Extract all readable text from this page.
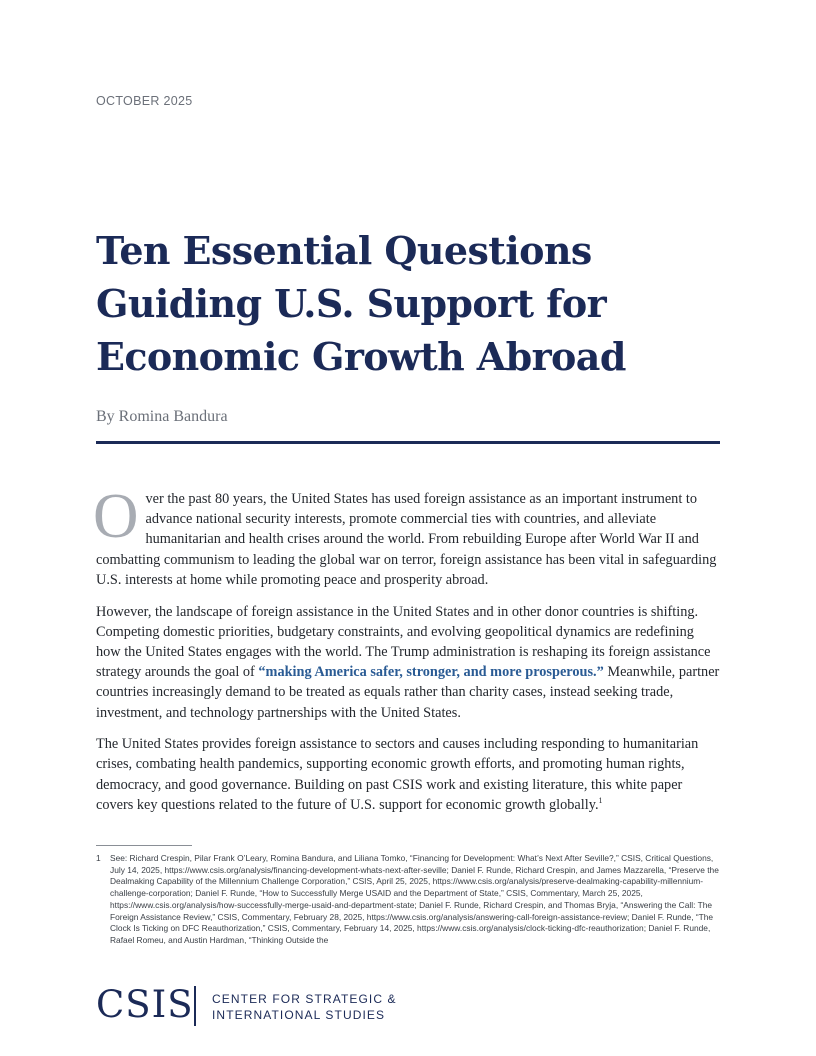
OCTOBER 2025
Ten Essential Questions
Guiding U.S. Support for
Economic Growth Abroad
By Romina Bandura

Over the past 80 years, the United States has used foreign assistance as an important instrument to advance national security interests, promote commercial ties with countries, and alleviate humanitarian and health crises around the world. From rebuilding Europe after World War II and combatting communism to leading the global war on terror, foreign assistance has been vital in safeguarding U.S. interests at home while promoting peace and prosperity abroad.

However, the landscape of foreign assistance in the United States and in other donor countries is shifting. Competing domestic priorities, budgetary constraints, and evolving geopolitical dynamics are redefining how the United States engages with the world. The Trump administration is reshaping its foreign assistance strategy arounds the goal of “making America safer, stronger, and more prosperous.” Meanwhile, partner countries increasingly demand to be treated as equals rather than charity cases, instead seeking trade, investment, and technology partnerships with the United States.

The United States provides foreign assistance to sectors and causes including responding to humanitarian crises, combating health pandemics, supporting economic growth efforts, and promoting human rights, democracy, and good governance. Building on past CSIS work and existing literature, this white paper covers key questions related to the future of U.S. support for economic growth globally.$^1$

1 See: Richard Crespin, Pilar Frank O’Leary, Romina Bandura, and Liliana Tomko, “Financing for Development: What’s Next After Seville?,” CSIS, Critical Questions, July 14, 2025, https://www.csis.org/analysis/financing-development-whats-next-after-seville; Daniel F. Runde, Richard Crespin, and James Mazzarella, “Preserve the Dealmaking Capability of the Millennium Challenge Corporation,” CSIS, April 25, 2025, https://www.csis.org/analysis/preserve-dealmaking-capability-millennium-challenge-corporation; Daniel F. Runde, “How to Successfully Merge USAID and the Department of State,” CSIS, Commentary, March 25, 2025, https://www.csis.org/analysis/how-successfully-merge-usaid-and-department-state; Daniel F. Runde, Richard Crespin, and Thomas Bryja, “Answering the Call: The Foreign Assistance Review,” CSIS, Commentary, February 28, 2025, https://www.csis.org/analysis/answering-call-foreign-assistance-review; Daniel F. Runde, “The Clock Is Ticking on DFC Reauthorization,” CSIS, Commentary, February 14, 2025, https://www.csis.org/analysis/clock-ticking-dfc-reauthorization; Daniel F. Runde, Rafael Romeu, and Austin Hardman, “Thinking Outside the
CSIS CENTER FOR STRATEGIC &
INTERNATIONAL STUDIES
